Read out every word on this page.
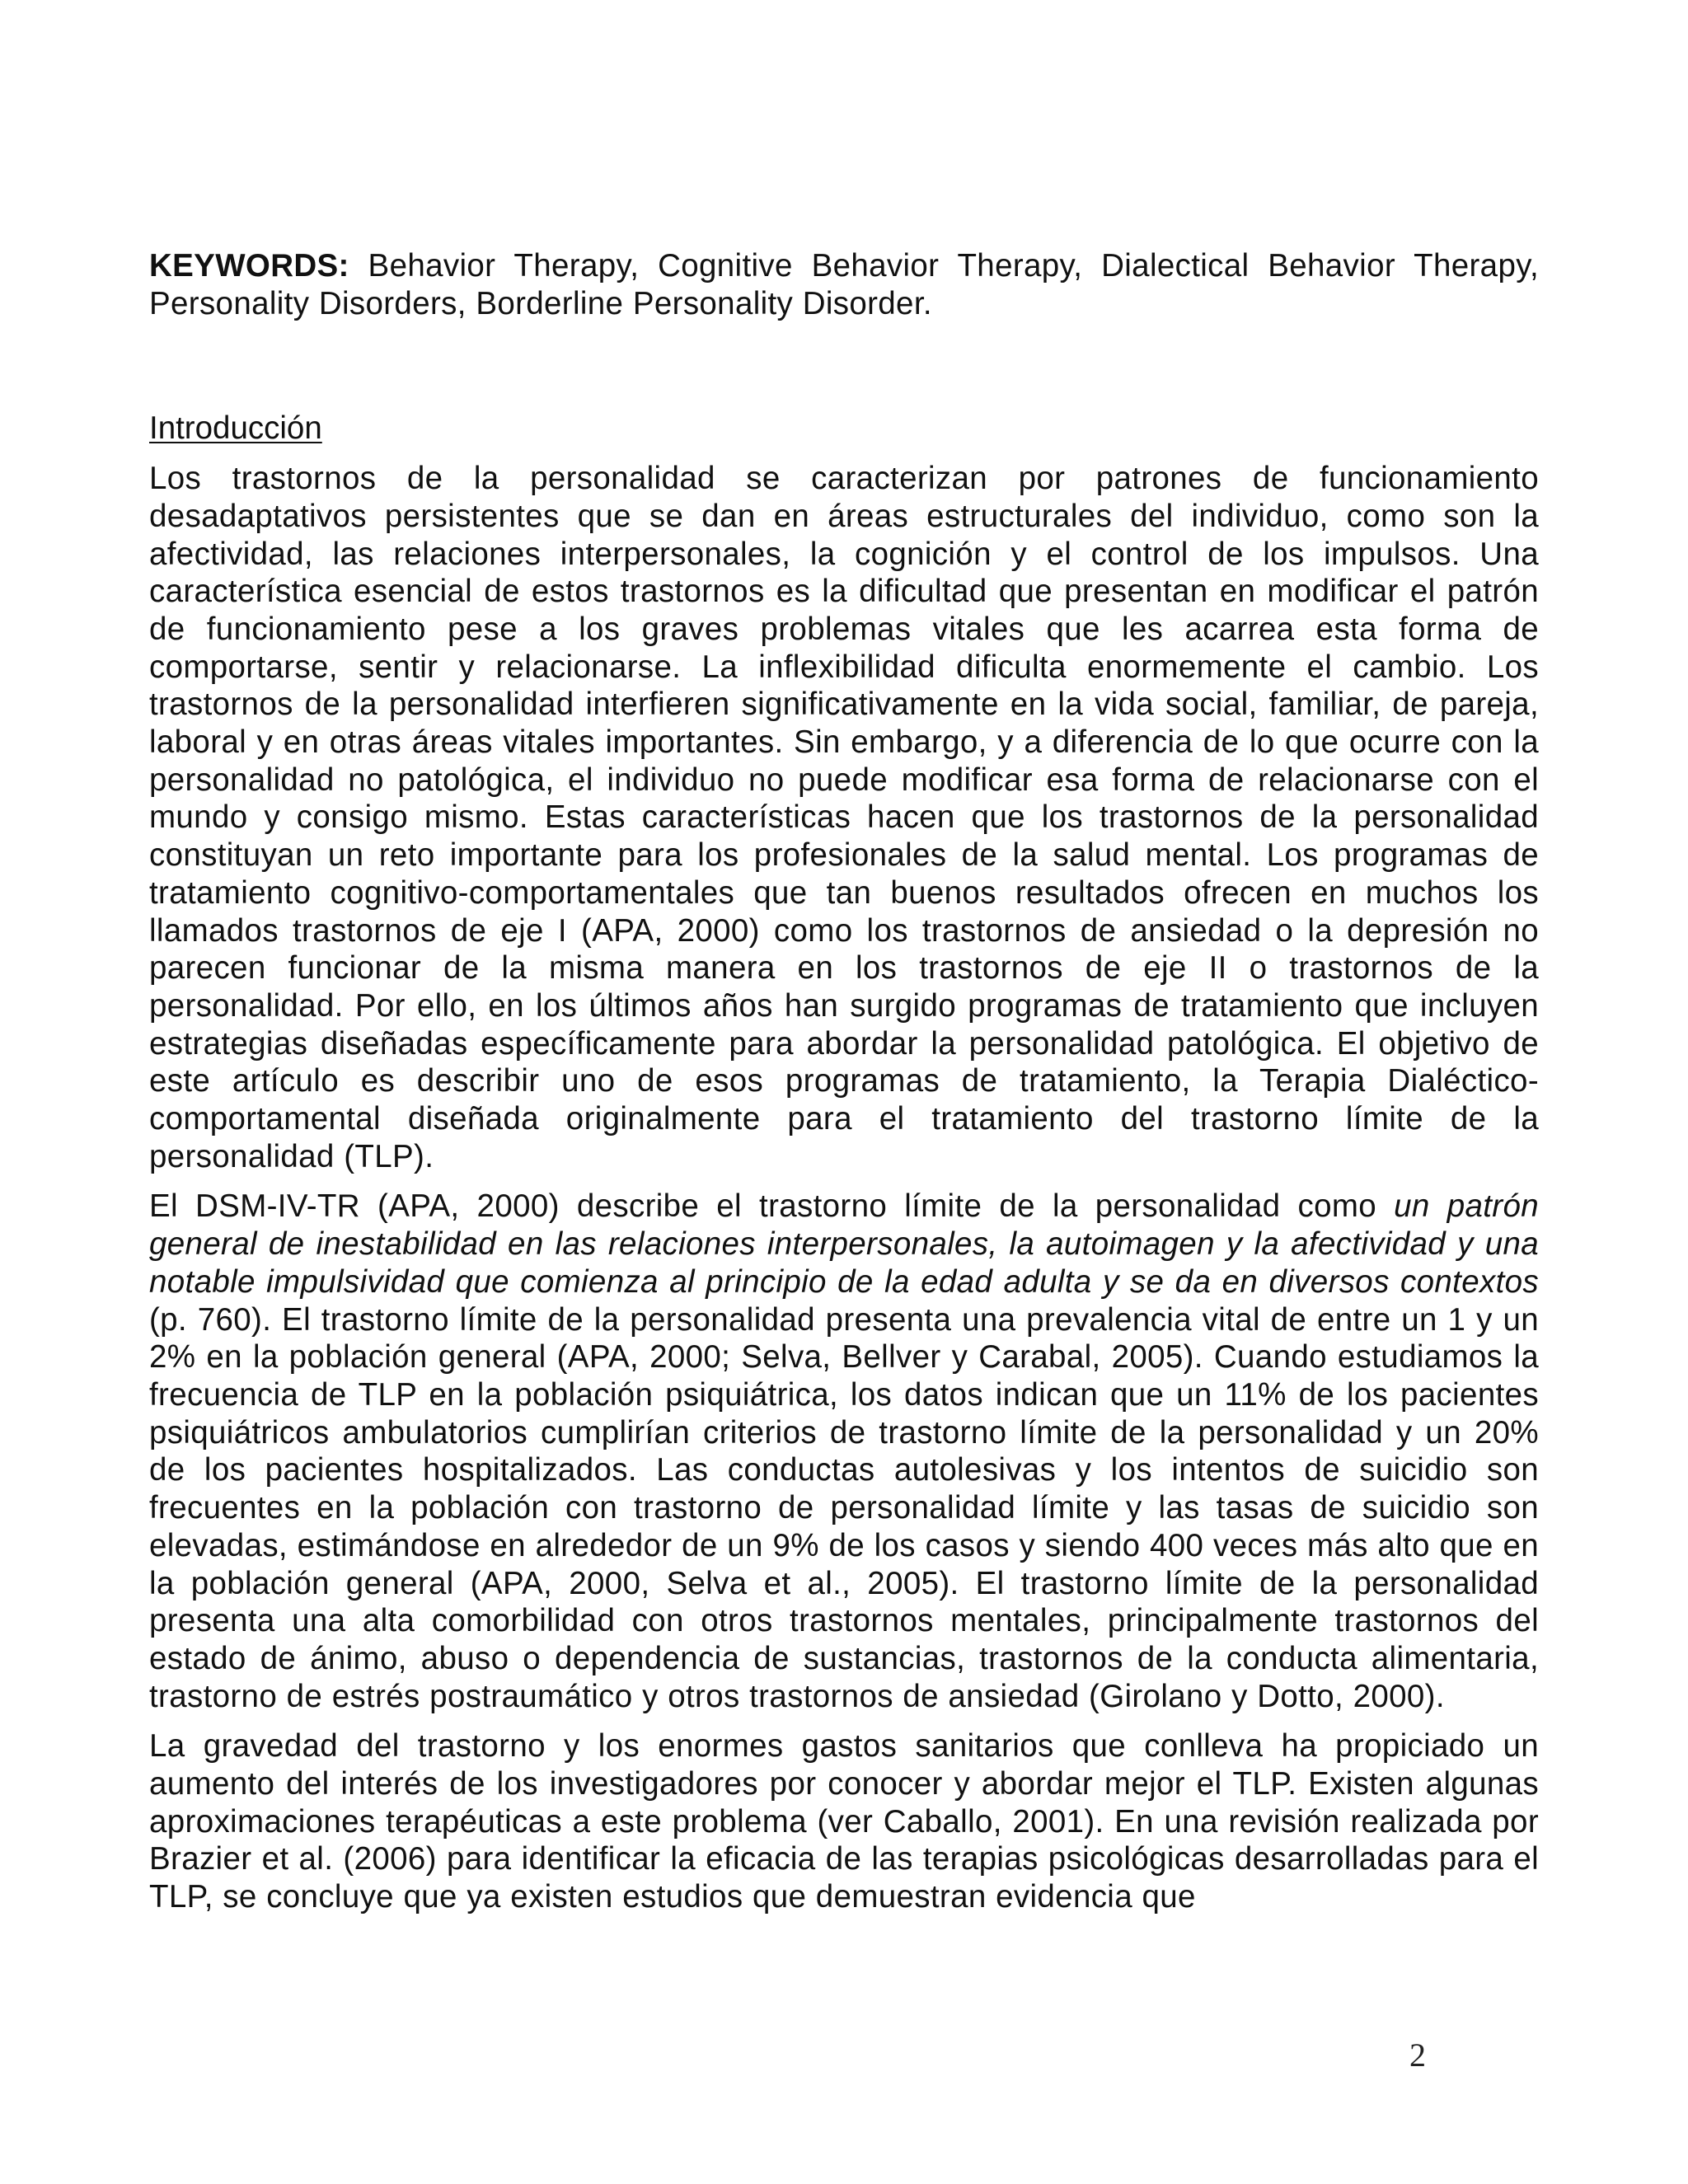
KEYWORDS: Behavior Therapy, Cognitive Behavior Therapy, Dialectical Behavior Therapy, Personality Disorders, Borderline Personality Disorder.

Introducción

Los trastornos de la personalidad se caracterizan por patrones de funcionamiento desadaptativos persistentes que se dan en áreas estructurales del individuo, como son la afectividad, las relaciones interpersonales, la cognición y el control de los impulsos. Una característica esencial de estos trastornos es la dificultad que presentan en modificar el patrón de funcionamiento pese a los graves problemas vitales que les acarrea esta forma de comportarse, sentir y relacionarse. La inflexibilidad dificulta enormemente el cambio. Los trastornos de la personalidad interfieren significativamente en la vida social, familiar, de pareja, laboral y en otras áreas vitales importantes. Sin embargo, y a diferencia de lo que ocurre con la personalidad no patológica, el individuo no puede modificar esa forma de relacionarse con el mundo y consigo mismo. Estas características hacen que los trastornos de la personalidad constituyan un reto importante para los profesionales de la salud mental. Los programas de tratamiento cognitivo-comportamentales que tan buenos resultados ofrecen en muchos los llamados trastornos de eje I (APA, 2000) como los trastornos de ansiedad o la depresión no parecen funcionar de la misma manera en los trastornos de eje II o trastornos de la personalidad. Por ello, en los últimos años han surgido programas de tratamiento que incluyen estrategias diseñadas específicamente para abordar la personalidad patológica. El objetivo de este artículo es describir uno de esos programas de tratamiento, la Terapia Dialéctico-comportamental diseñada originalmente para el tratamiento del trastorno límite de la personalidad (TLP).

El DSM-IV-TR (APA, 2000) describe el trastorno límite de la personalidad como un patrón general de inestabilidad en las relaciones interpersonales, la autoimagen y la afectividad y una notable impulsividad que comienza al principio de la edad adulta y se da en diversos contextos (p. 760). El trastorno límite de la personalidad presenta una prevalencia vital de entre un 1 y un 2% en la población general (APA, 2000; Selva, Bellver y Carabal, 2005). Cuando estudiamos la frecuencia de TLP en la población psiquiátrica, los datos indican que un 11% de los pacientes psiquiátricos ambulatorios cumplirían criterios de trastorno límite de la personalidad y un 20% de los pacientes hospitalizados. Las conductas autolesivas y los intentos de suicidio son frecuentes en la población con trastorno de personalidad límite y las tasas de suicidio son elevadas, estimándose en alrededor de un 9% de los casos y siendo 400 veces más alto que en la población general (APA, 2000, Selva et al., 2005). El trastorno límite de la personalidad presenta una alta comorbilidad con otros trastornos mentales, principalmente trastornos del estado de ánimo, abuso o dependencia de sustancias, trastornos de la conducta alimentaria, trastorno de estrés postraumático y otros trastornos de ansiedad (Girolano y Dotto, 2000).

La gravedad del trastorno y los enormes gastos sanitarios que conlleva ha propiciado un aumento del interés de los investigadores por conocer y abordar mejor el TLP. Existen algunas aproximaciones terapéuticas a este problema (ver Caballo, 2001). En una revisión realizada por Brazier et al. (2006) para identificar la eficacia de las terapias psicológicas desarrolladas para el TLP, se concluye que ya existen estudios que demuestran evidencia que

2
